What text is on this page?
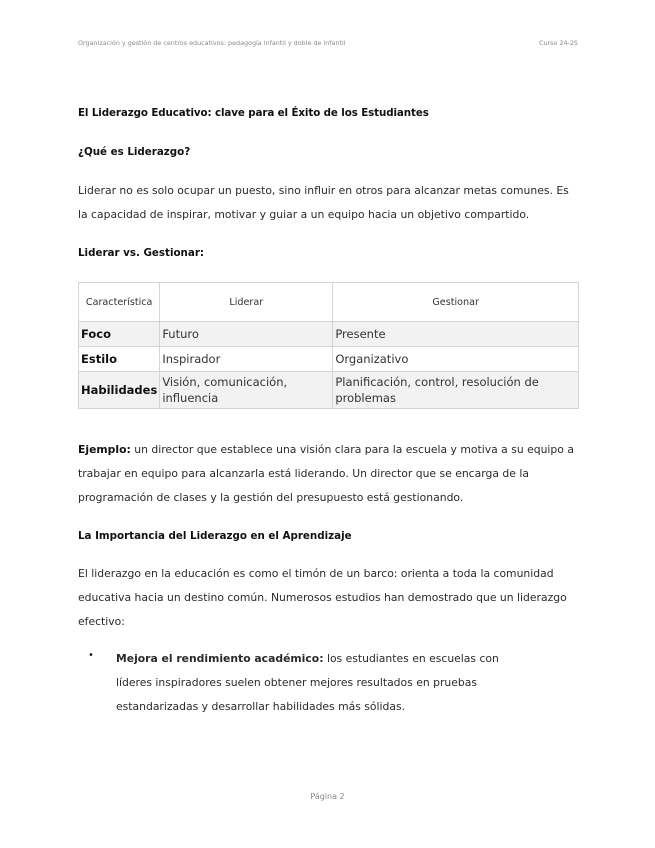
Organización y gestión de centros educativos: pedagogía infantil y doble de infantil	Curso 24-25
El Liderazgo Educativo: clave para el Éxito de los Estudiantes
¿Qué es Liderazgo?
Liderar no es solo ocupar un puesto, sino influir en otros para alcanzar metas comunes. Es la capacidad de inspirar, motivar y guiar a un equipo hacia un objetivo compartido.
Liderar vs. Gestionar:
Característica	Liderar	Gestionar
Foco	Futuro	Presente
Estilo	Inspirador	Organizativo
Habilidades	Visión, comunicación, influencia	Planificación, control, resolución de problemas
Ejemplo: un director que establece una visión clara para la escuela y motiva a su equipo a trabajar en equipo para alcanzarla está liderando. Un director que se encarga de la programación de clases y la gestión del presupuesto está gestionando.
La Importancia del Liderazgo en el Aprendizaje
El liderazgo en la educación es como el timón de un barco: orienta a toda la comunidad educativa hacia un destino común. Numerosos estudios han demostrado que un liderazgo efectivo:
• Mejora el rendimiento académico: los estudiantes en escuelas con líderes inspiradores suelen obtener mejores resultados en pruebas estandarizadas y desarrollar habilidades más sólidas.
Página 2
